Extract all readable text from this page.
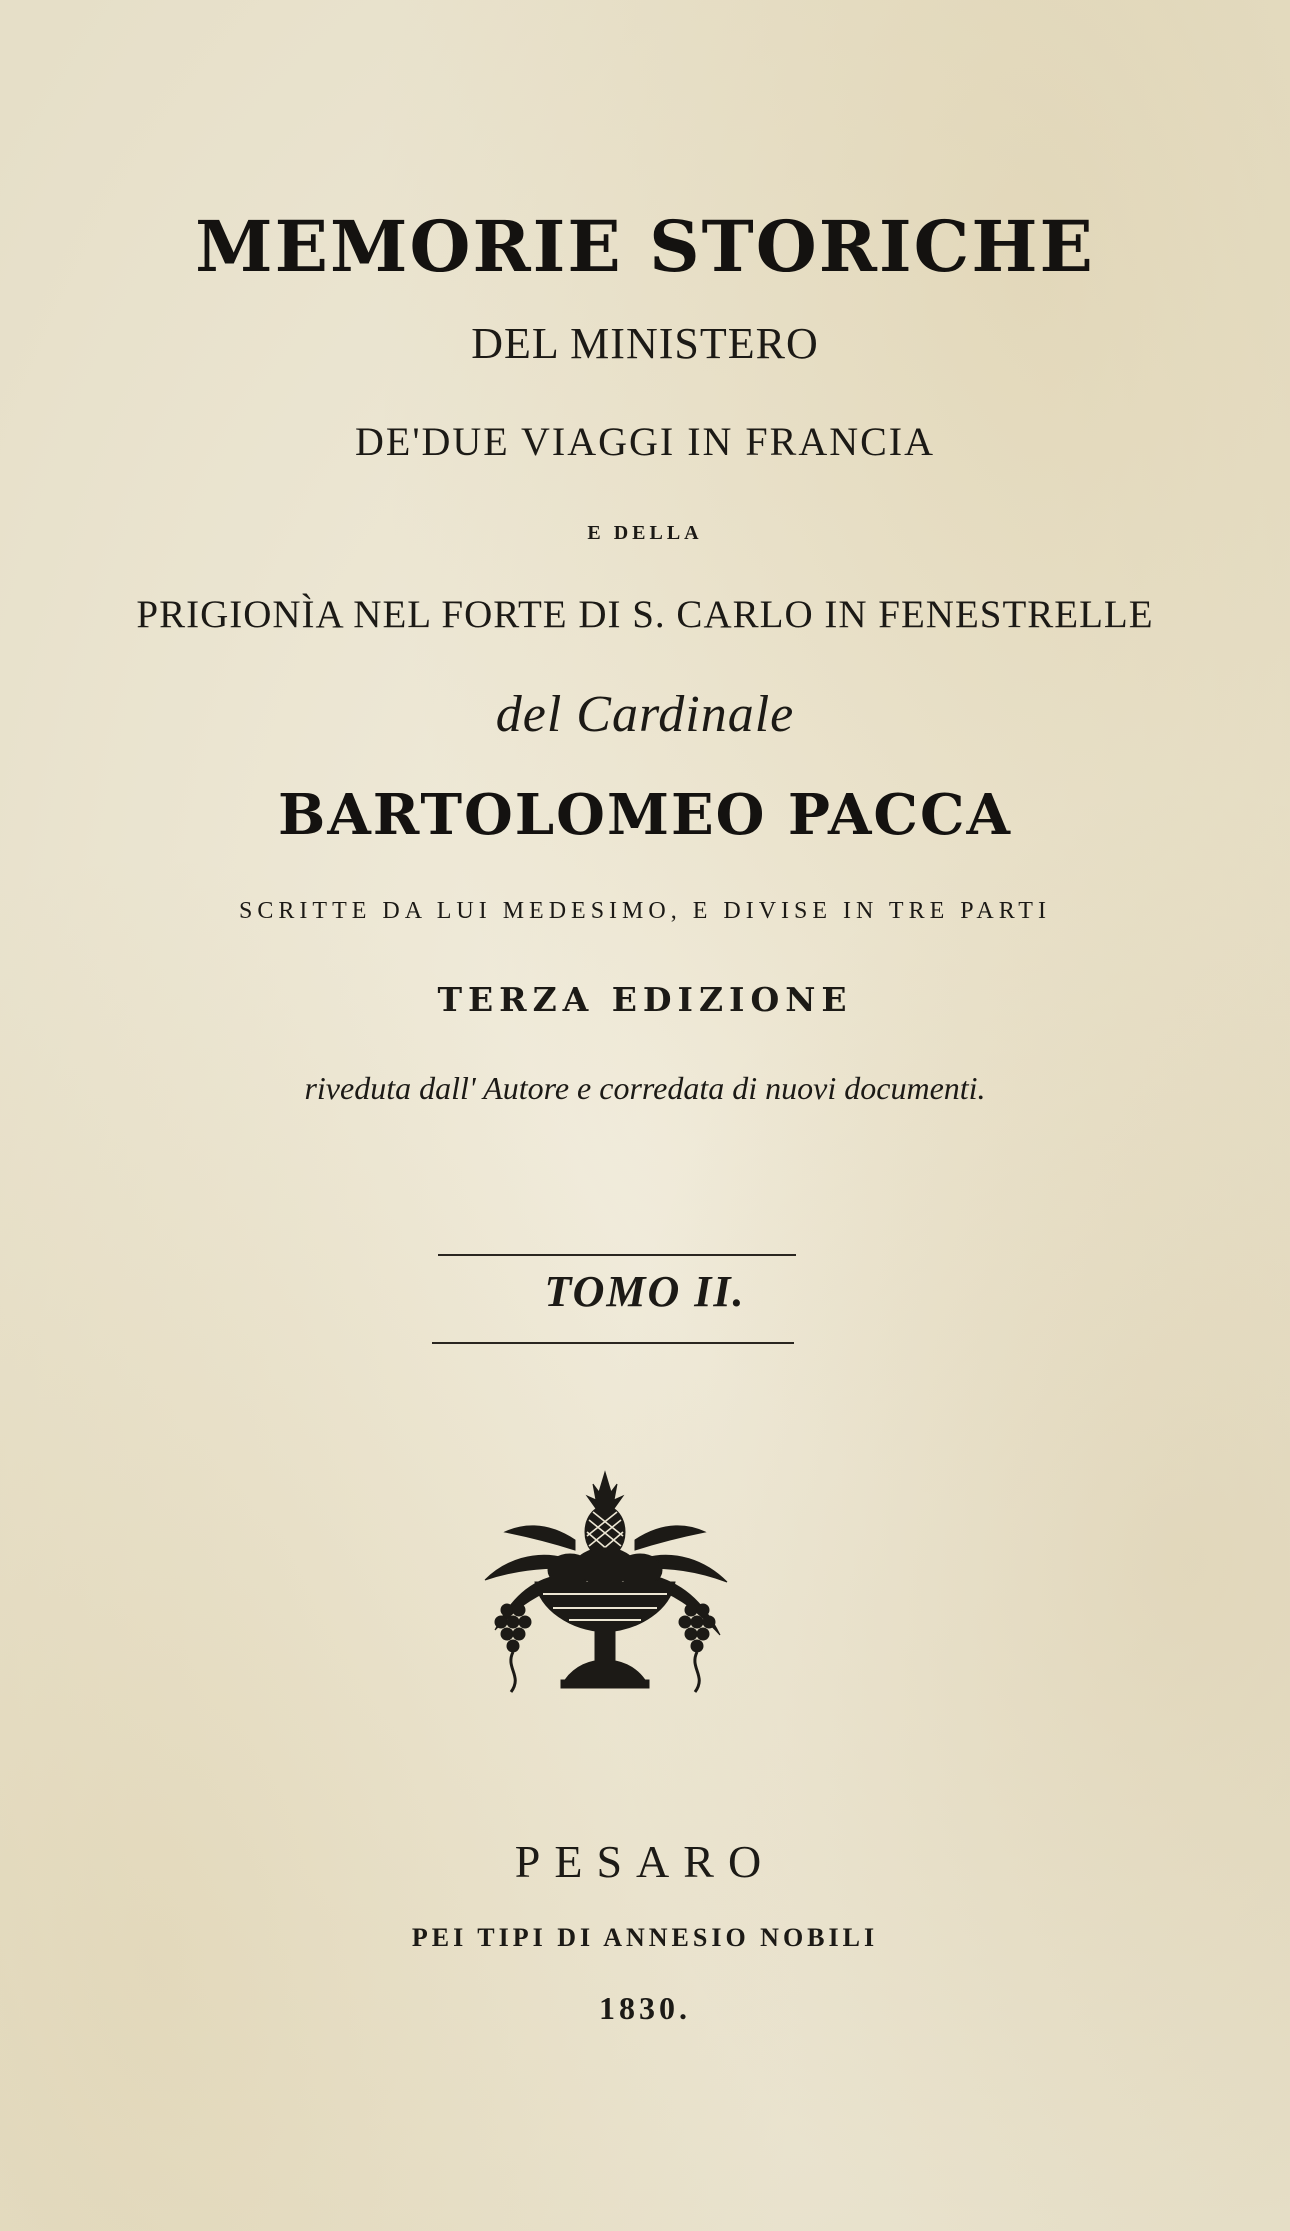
MEMORIE STORICHE
DEL MINISTERO
DE'DUE VIAGGI IN FRANCIA
E DELLA
PRIGIONÌA NEL FORTE DI S. CARLO IN FENESTRELLE
del Cardinale
BARTOLOMEO PACCA
SCRITTE DA LUI MEDESIMO, E DIVISE IN TRE PARTI
TERZA EDIZIONE
riveduta dall' Autore e corredata di nuovi documenti.
TOMO II.
PESARO
PEI TIPI DI ANNESIO NOBILI
1830.
